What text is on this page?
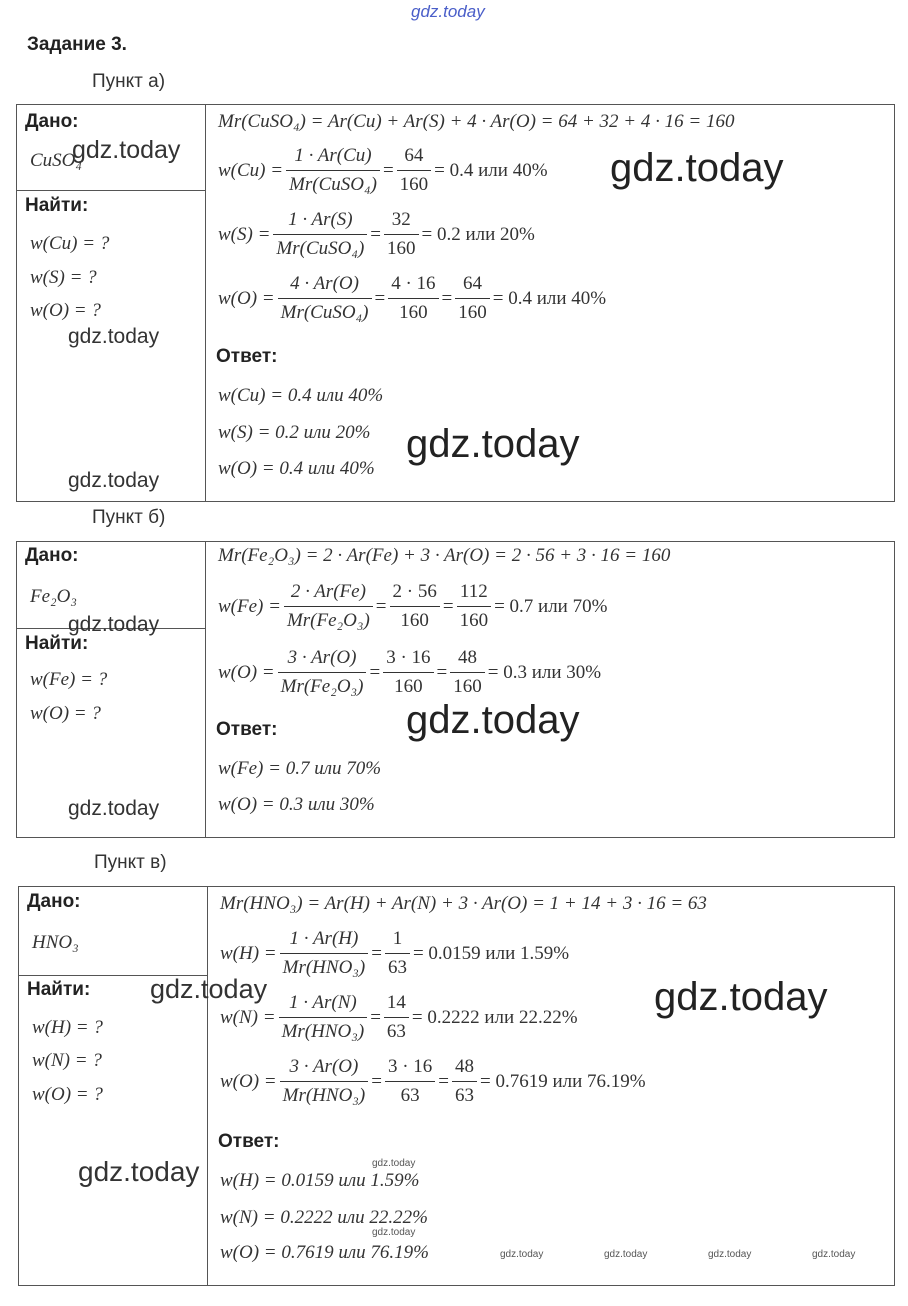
gdz.today
Задание 3.
Пункт а)
Дано:
CuSO₄
Найти:
w(Cu) = ?
w(S) = ?
w(O) = ?
Mr(CuSO₄) = Ar(Cu) + Ar(S) + 4 · Ar(O) = 64 + 32 + 4 · 16 = 160
$w(Cu) = \frac{1 \cdot Ar(Cu)}{\text{Mr(CuSO₄)}} = \frac{64}{160} = 0.4$ или 40%
$w(S) = \frac{1 \cdot Ar(S)}{\text{Mr(CuSO₄)}} = \frac{32}{160} = 0.2$ или 20%
$w(O) = \frac{4 \cdot Ar(O)}{\text{Mr(CuSO₄)}} = \frac{4 \cdot 16}{160} = \frac{64}{160} = 0.4$ или 40%
Ответ:
w(Cu) = 0.4 или 40%
w(S) = 0.2 или 20%
w(O) = 0.4 или 40%
gdz.today	gdz.today
gdz.today
gdz.today
gdz.today
Пункт б)
Дано:
Fe₂O₃
Найти:
w(Fe) = ?
w(O) = ?
Mr(Fe₂O₃) = 2 · Ar(Fe) + 3 · Ar(O) = 2 · 56 + 3 · 16 = 160
$w(Fe) = \frac{2 \cdot Ar(Fe)}{\text{Mr(Fe₂O₃)}} = \frac{2 \cdot 56}{160} = \frac{112}{160} = 0.7$ или 70%
$w(O) = \frac{3 \cdot Ar(O)}{\text{Mr(Fe₂O₃)}} = \frac{3 \cdot 16}{160} = \frac{48}{160} = 0.3$ или 30%
Ответ:
w(Fe) = 0.7 или 70%
w(O) = 0.3 или 30%
gdz.today
gdz.today
gdz.today
Пункт в)
Дано:
HNO₃
Найти:
w(H) = ?
w(N) = ?
w(O) = ?
Mr(HNO₃) = Ar(H) + Ar(N) + 3 · Ar(O) = 1 + 14 + 3 · 16 = 63
$w(H) = \frac{1 \cdot Ar(H)}{\text{Mr(HNO₃)}} = \frac{1}{63} = 0.0159$ или 1.59%
$w(N) = \frac{1 \cdot Ar(N)}{\text{Mr(HNO₃)}} = \frac{14}{63} = 0.2222$ или 22.22%
$w(O) = \frac{3 \cdot Ar(O)}{\text{Mr(HNO₃)}} = \frac{3 \cdot 16}{63} = \frac{48}{63} = 0.7619$ или 76.19%
Ответ:
w(H) = 0.0159 или 1.59%
w(N) = 0.2222 или 22.22%
w(O) = 0.7619 или 76.19%
gdz.today	gdz.today
gdz.today	gdz.today
gdz.today
gdz.today	gdz.today	gdz.today	gdz.today
